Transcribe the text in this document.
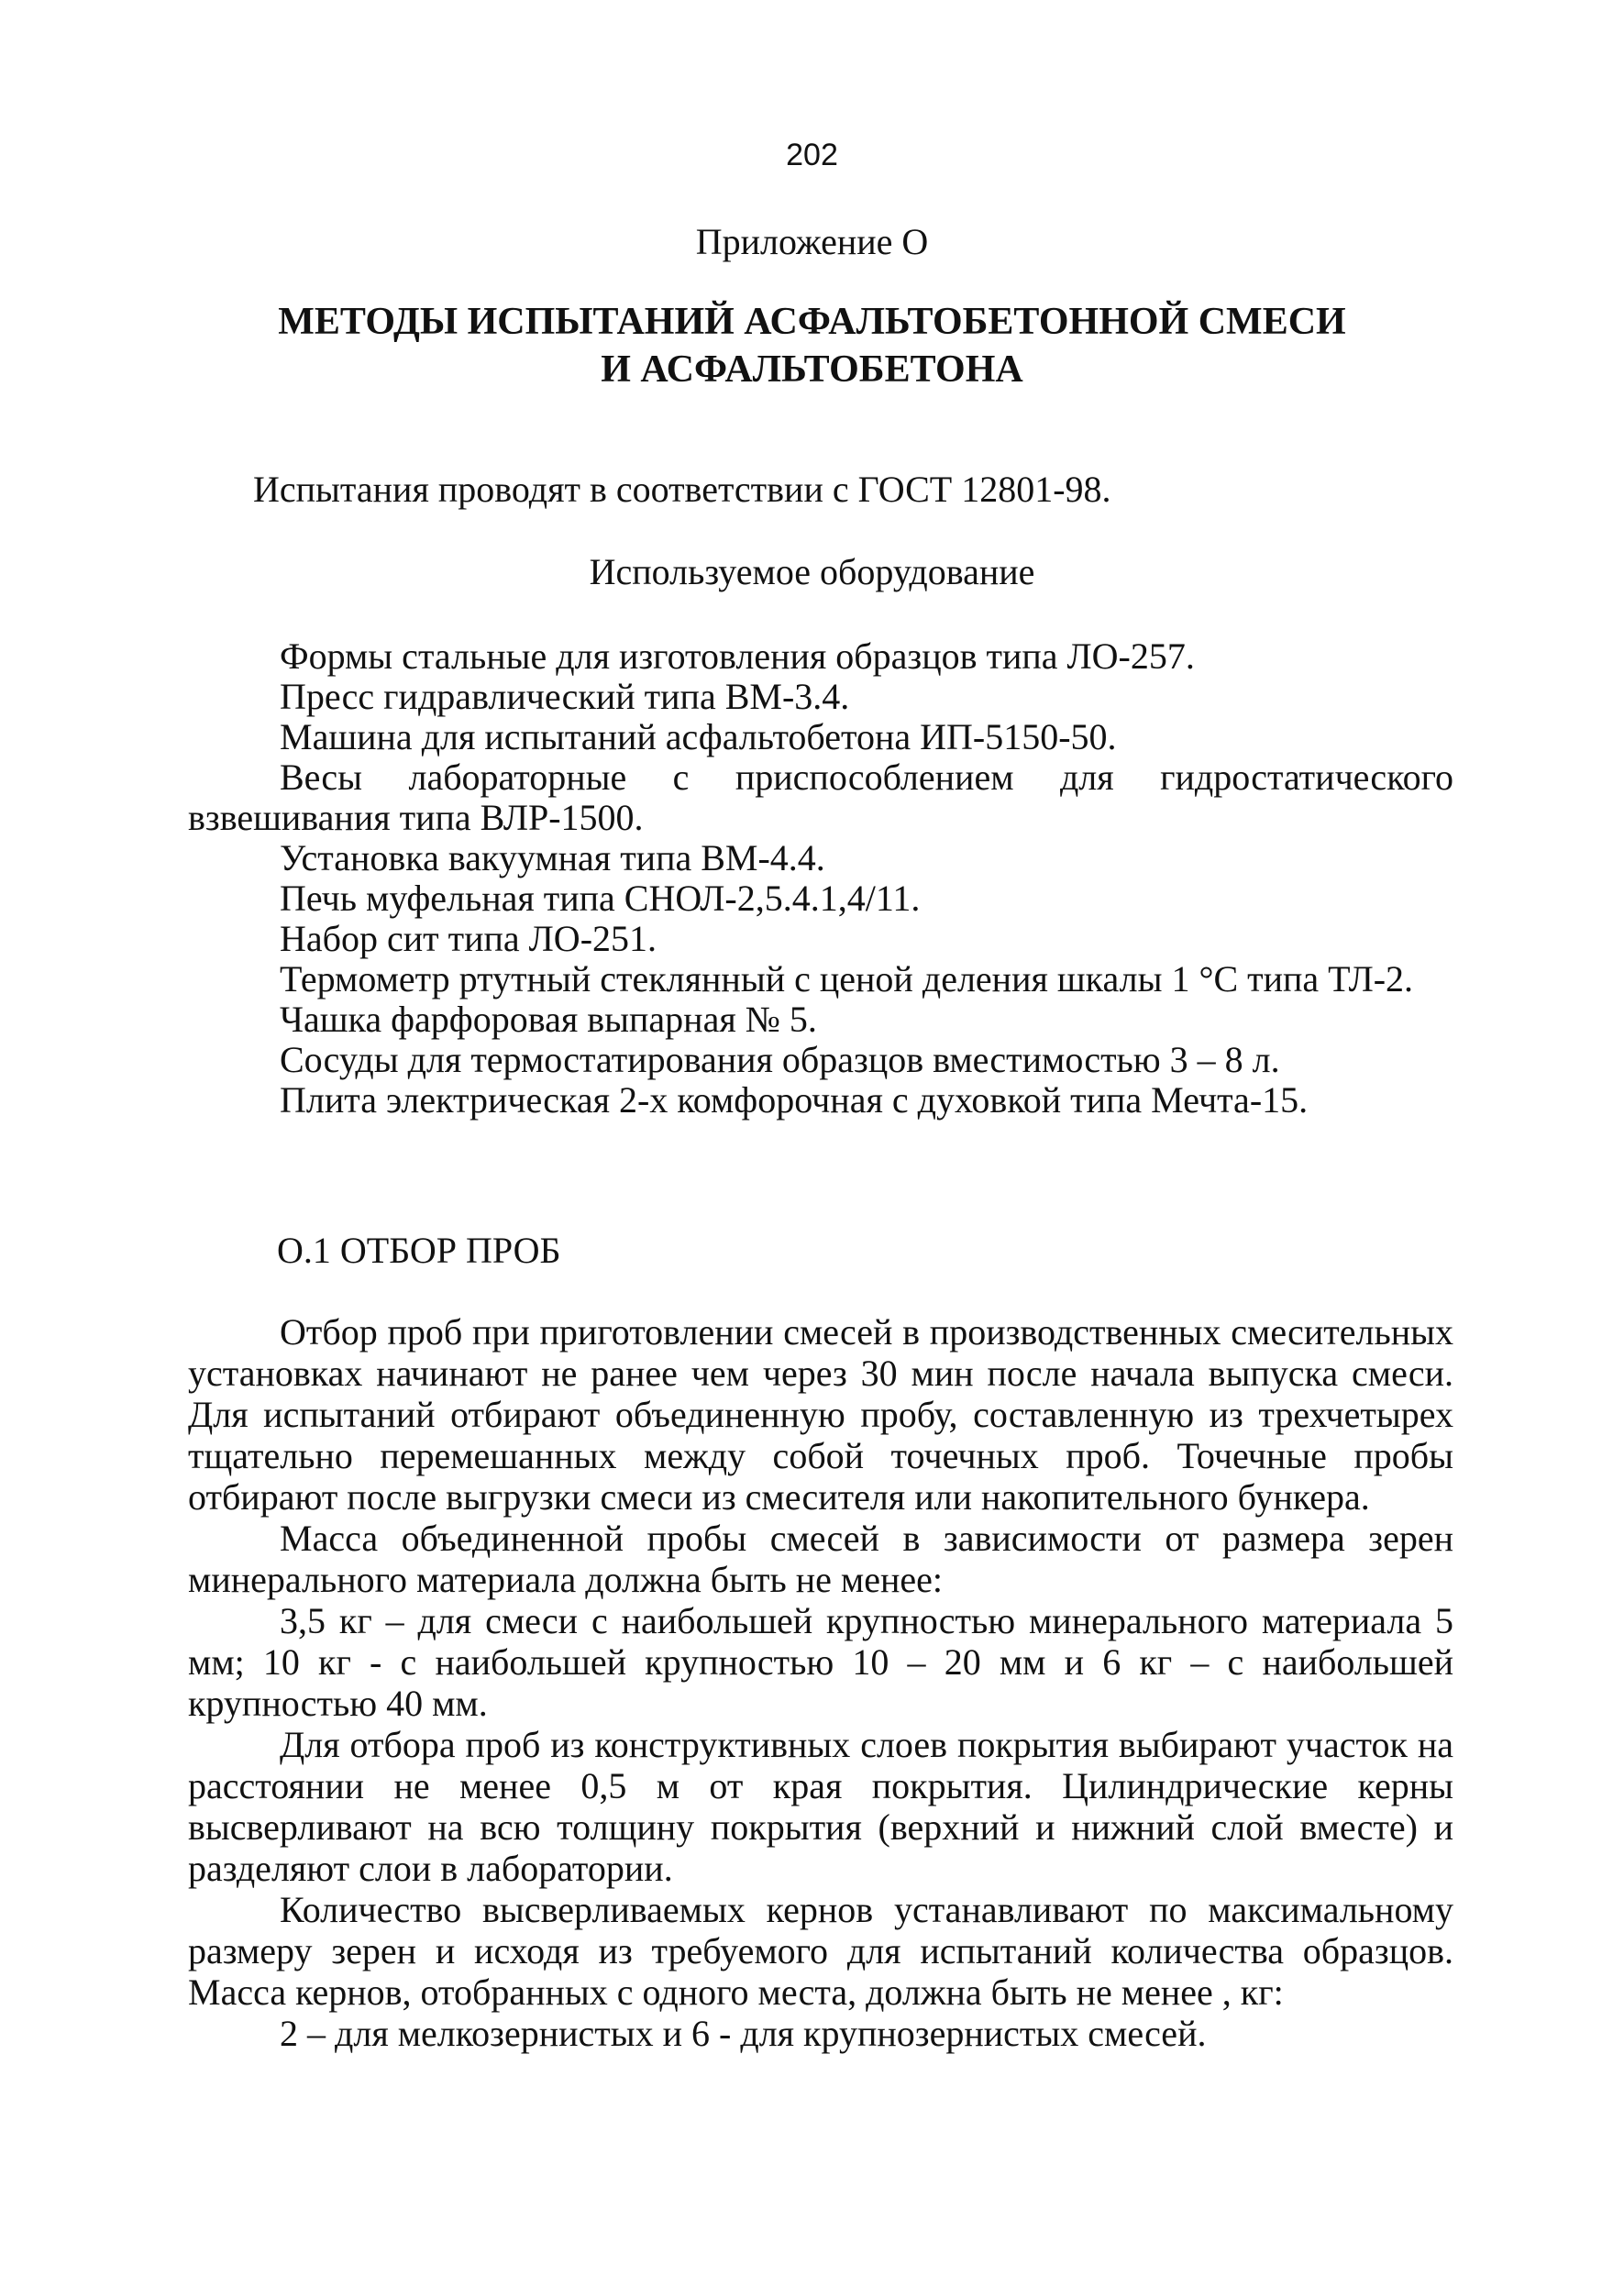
202
Приложение О
МЕТОДЫ ИСПЫТАНИЙ АСФАЛЬТОБЕТОННОЙ СМЕСИ
И АСФАЛЬТОБЕТОНА
Испытания проводят в соответствии с ГОСТ 12801-98.
Используемое оборудование
Формы стальные для изготовления образцов типа ЛО-257.
Пресс гидравлический типа ВМ-3.4.
Машина для испытаний асфальтобетона ИП-5150-50.
Весы лабораторные с приспособлением для гидростатического взвешивания типа ВЛР-1500.
Установка вакуумная типа ВМ-4.4.
Печь муфельная типа СНОЛ-2,5.4.1,4/11.
Набор сит типа ЛО-251.
Термометр ртутный стеклянный с ценой деления шкалы 1 °С типа ТЛ-2.
Чашка фарфоровая выпарная № 5.
Сосуды для термостатирования образцов вместимостью 3 – 8 л.
Плита электрическая 2-х комфорочная с духовкой типа Мечта-15.
О.1 ОТБОР ПРОБ

Отбор проб при приготовлении смесей в производственных смесительных установках начинают не ранее чем через 30 мин после начала выпуска смеси. Для испытаний отбирают объединенную пробу, составленную из трехчетырех тщательно перемешанных между собой точечных проб. Точечные пробы отбирают после выгрузки смеси из смесителя или накопительного бункера.

Масса объединенной пробы смесей в зависимости от размера зерен минерального материала должна быть не менее:

3,5 кг – для смеси с наибольшей крупностью минерального материала 5 мм; 10 кг - с наибольшей крупностью 10 – 20 мм и 6 кг – с наибольшей крупностью 40 мм.

Для отбора проб из конструктивных слоев покрытия выбирают участок на расстоянии не менее 0,5 м от края покрытия. Цилиндрические керны высверливают на всю толщину покрытия (верхний и нижний слой вместе) и разделяют слои в лаборатории.

Количество высверливаемых кернов устанавливают по максимальному размеру зерен и исходя из требуемого для испытаний количества образцов. Масса кернов, отобранных с одного места, должна быть не менее , кг:

2 – для мелкозернистых и 6 - для крупнозернистых смесей.
